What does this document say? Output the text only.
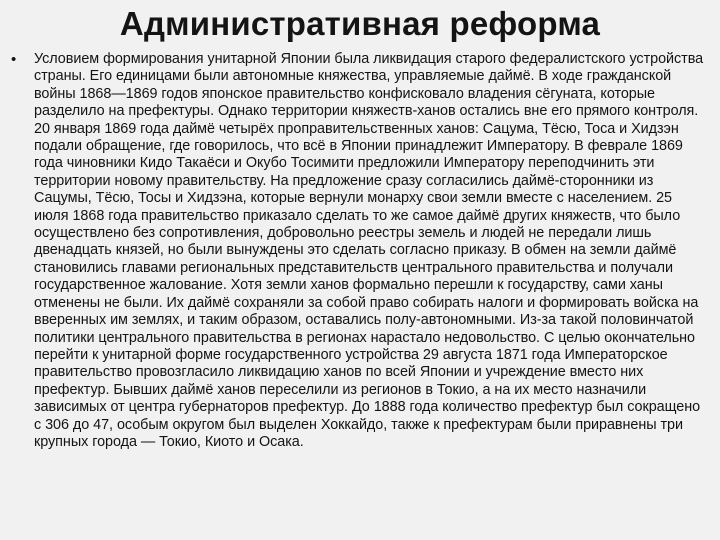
Административная реформа
•	Условием формирования унитарной Японии была ликвидация старого федералистского устройства страны. Его единицами были автономные княжества, управляемые даймё. В ходе гражданской войны 1868—1869 годов японское правительство конфисковало владения сёгуната, которые разделило на префектуры. Однако территории княжеств-ханов остались вне его прямого контроля. 20 января 1869 года даймё четырёх проправительственных ханов: Сацума, Тёсю, Тоса и Хидзэн подали обращение, где говорилось, что всё в Японии принадлежит Императору. В феврале 1869 года чиновники Кидо Такаёси и Окубо Тосимити предложили Императору переподчинить эти территории новому правительству. На предложение сразу согласились даймё-сторонники из Сацумы, Тёсю, Тосы и Хидзэна, которые вернули монарху свои земли вместе с населением. 25 июля 1868 года правительство приказало сделать то же самое даймё других княжеств, что было осуществлено без сопротивления, добровольно реестры земель и людей не передали лишь двенадцать князей, но были вынуждены это сделать согласно приказу. В обмен на земли даймё становились главами региональных представительств центрального правительства и получали государственное жалование. Хотя земли ханов формально перешли к государству, сами ханы отменены не были. Их даймё сохраняли за собой право собирать налоги и формировать войска на вверенных им землях, и таким образом, оставались полу-автономными. Из-за такой половинчатой политики центрального правительства в регионах нарастало недовольство. С целью окончательно перейти к унитарной форме государственного устройства 29 августа 1871 года Императорское правительство провозгласило ликвидацию ханов по всей Японии и учреждение вместо них префектур. Бывших даймё ханов переселили из регионов в Токио, а на их место назначили зависимых от центра губернаторов префектур. До 1888 года количество префектур был сокращено с 306 до 47, особым округом был выделен Хоккайдо, также к префектурам были приравнены три крупных города — Токио, Киото и Осака.
